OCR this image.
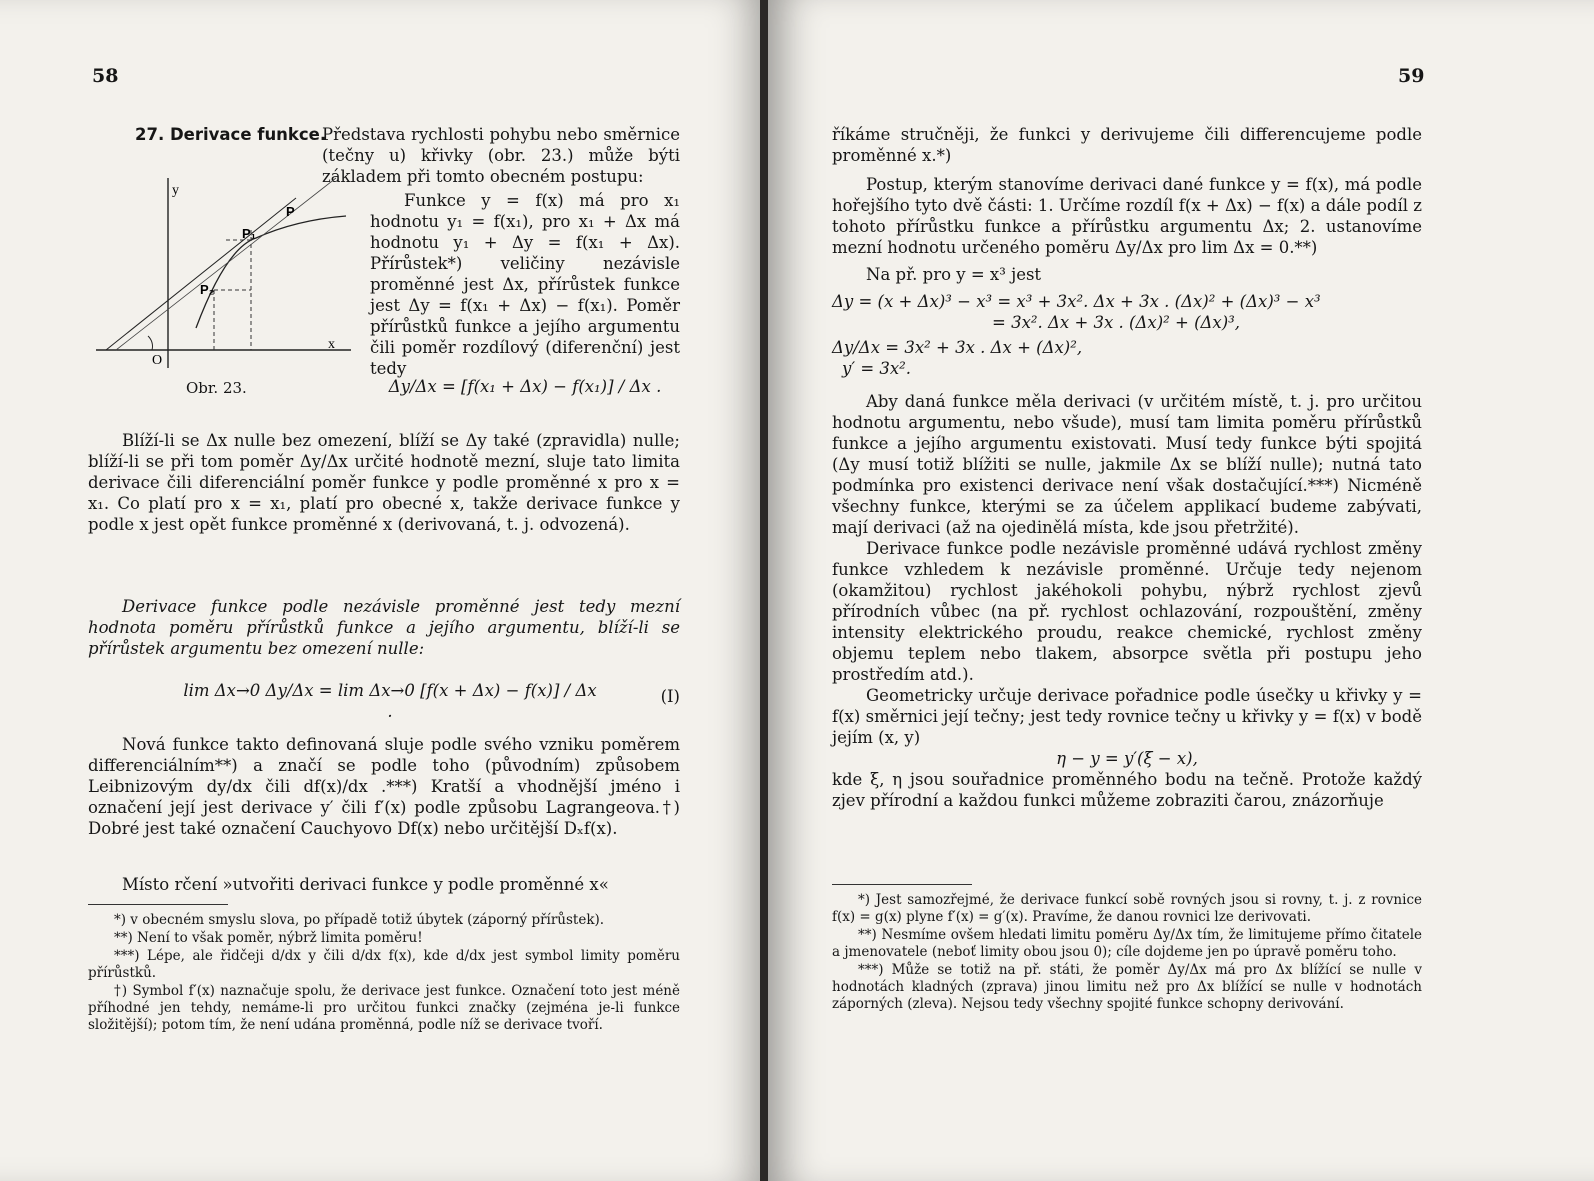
58

27. Derivace funkce.

Představa rychlosti pohybu nebo směrnice (tečny u) křivky (obr. 23.) může býti základem při tomto obecném postupu:

Funkce y = f(x) má pro x₁ hodnotu y₁ = f(x₁), pro x₁ + Δx má hodnotu y₁ + Δy = f(x₁ + Δx). Přírůstek*) veličiny nezávisle proměnné jest Δx, přírůstek funkce jest Δy = f(x₁ + Δx) − f(x₁). Poměr přírůstků funkce a jejího argumentu čili poměr rozdílový (diferenční) jest tedy

y
x
O
P₁
P₂
P
Obr. 23.	Δy/Δx = [f(x₁ + Δx) − f(x₁)] / Δx .

Blíží-li se Δx nulle bez omezení, blíží se Δy také (zpravidla) nulle; blíží-li se při tom poměr Δy/Δx určité hodnotě mezní, sluje tato limita derivace čili diferenciální poměr funkce y podle proměnné x pro x = x₁. Co platí pro x = x₁, platí pro obecné x, takže derivace funkce y podle x jest opět funkce proměnné x (derivovaná, t. j. odvozená).

Derivace funkce podle nezávisle proměnné jest tedy mezní hodnota poměru přírůstků funkce a jejího argumentu, blíží-li se přírůstek argumentu bez omezení nulle:

lim Δx→0 Δy/Δx = lim Δx→0 [f(x + Δx) − f(x)] / Δx .

(I)

Nová funkce takto definovaná sluje podle svého vzniku poměrem differenciálním**) a značí se podle toho (původním) způsobem Leibnizovým dy/dx čili df(x)/dx .***) Kratší a vhodnější jméno i označení její jest derivace y′ čili f′(x) podle způsobu Lagrangeova.†) Dobré jest také označení Cauchyovo Df(x) nebo určitější Dₓf(x).

Místo rčení »utvořiti derivaci funkce y podle proměnné x«

*) v obecném smyslu slova, po případě totiž úbytek (záporný přírůstek).

**) Není to však poměr, nýbrž limita poměru!

***) Lépe, ale řidčeji d/dx y čili d/dx f(x), kde d/dx jest symbol limity poměru přírůstků.

†) Symbol f′(x) naznačuje spolu, že derivace jest funkce. Označení toto jest méně příhodné jen tehdy, nemáme-li pro určitou funkci značky (zejména je-li funkce složitější); potom tím, že není udána proměnná, podle níž se derivace tvoří.

59

říkáme stručněji, že funkci y derivujeme čili differencujeme podle proměnné x.*)

Postup, kterým stanovíme derivaci dané funkce y = f(x), má podle hořejšího tyto dvě části: 1. Určíme rozdíl f(x + Δx) − f(x) a dále podíl z tohoto přírůstku funkce a přírůstku argumentu Δx; 2. ustanovíme mezní hodnotu určeného poměru Δy/Δx pro lim Δx = 0.**)

Na př. pro y = x³ jest

Δy = (x + Δx)³ − x³ = x³ + 3x². Δx + 3x . (Δx)² + (Δx)³ − x³

= 3x². Δx + 3x . (Δx)² + (Δx)³,

Δy/Δx = 3x² + 3x . Δx + (Δx)²,

y′ = 3x².

Aby daná funkce měla derivaci (v určitém místě, t. j. pro určitou hodnotu argumentu, nebo všude), musí tam limita poměru přírůstků funkce a jejího argumentu existovati. Musí tedy funkce býti spojitá (Δy musí totiž blížiti se nulle, jakmile Δx se blíží nulle); nutná tato podmínka pro existenci derivace není však dostačující.***) Nicméně všechny funkce, kterými se za účelem applikací budeme zabývati, mají derivaci (až na ojedinělá místa, kde jsou přetržité).

Derivace funkce podle nezávisle proměnné udává rychlost změny funkce vzhledem k nezávisle proměnné. Určuje tedy nejenom (okamžitou) rychlost jakéhokoli pohybu, nýbrž rychlost zjevů přírodních vůbec (na př. rychlost ochlazování, rozpouštění, změny intensity elektrického proudu, reakce chemické, rychlost změny objemu teplem nebo tlakem, absorpce světla při postupu jeho prostředím atd.).

Geometricky určuje derivace pořadnice podle úsečky u křivky y = f(x) směrnici její tečny; jest tedy rovnice tečny u křivky y = f(x) v bodě jejím (x, y)

η − y = y′(ξ − x),

kde ξ, η jsou souřadnice proměnného bodu na tečně. Protože každý zjev přírodní a každou funkci můžeme zobraziti čarou, znázorňuje

*) Jest samozřejmé, že derivace funkcí sobě rovných jsou si rovny, t. j. z rovnice f(x) = g(x) plyne f′(x) = g′(x). Pravíme, že danou rovnici lze derivovati.

**) Nesmíme ovšem hledati limitu poměru Δy/Δx tím, že limitujeme přímo čitatele a jmenovatele (neboť limity obou jsou 0); cíle dojdeme jen po úpravě poměru toho.

***) Může se totiž na př. státi, že poměr Δy/Δx má pro Δx blížící se nulle v hodnotách kladných (zprava) jinou limitu než pro Δx blížící se nulle v hodnotách záporných (zleva). Nejsou tedy všechny spojité funkce schopny derivování.
